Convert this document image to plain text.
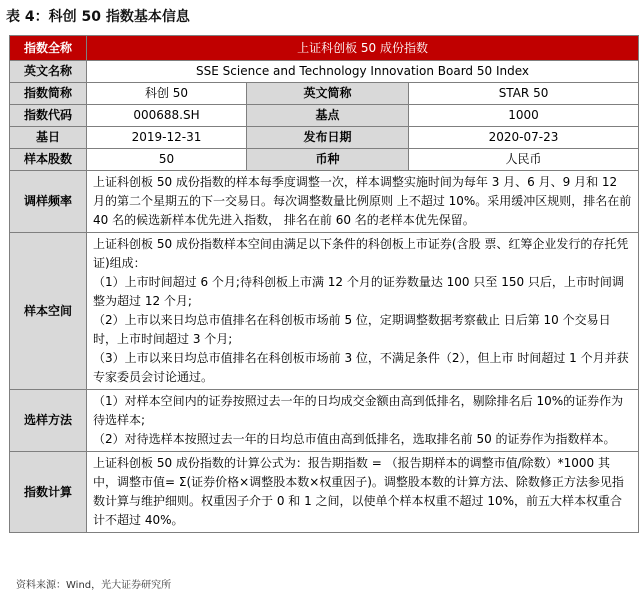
表 4：科创 50 指数基本信息
指数全称	上证科创板 50 成份指数		
英文名称	SSE Science and Technology Innovation Board 50 Index		
指数简称	科创 50	英文简称	STAR 50
指数代码	000688.SH	基点	1000
基日	2019-12-31	发布日期	2020-07-23
样本股数	50	币种	人民币
调样频率	上证科创板 50 成份指数的样本每季度调整一次，样本调整实施时间为每年 3 月、6 月、9 月和 12 月的第二个星期五的下一交易日。每次调整数量比例原则 上不超过 10%。采用缓冲区规则，排名在前 40 名的候选新样本优先进入指数， 排名在前 60 名的老样本优先保留。		
样本空间	上证科创板 50 成份指数样本空间由满足以下条件的科创板上市证券(含股 票、红筹企业发行的存托凭证)组成：

（1）上市时间超过 6 个月;待科创板上市满 12 个月的证券数量达 100 只至 150 只后，上市时间调整为超过 12 个月;

（2）上市以来日均总市值排名在科创板市场前 5 位，定期调整数据考察截止 日后第 10 个交易日时，上市时间超过 3 个月;

（3）上市以来日均总市值排名在科创板市场前 3 位，不满足条件（2），但上市 时间超过 1 个月并获专家委员会讨论通过。		

选样方法	（1）对样本空间内的证券按照过去一年的日均成交金额由高到低排名，剔除排名后 10%的证券作为待选样本;

（2）对待选样本按照过去一年的日均总市值由高到低排名，选取排名前 50 的证券作为指数样本。		

指数计算	上证科创板 50 成份指数的计算公式为：报告期指数 = （报告期样本的调整市值/除数）*1000 其中，调整市值= Σ(证券价格×调整股本数×权重因子)。调整股本数的计算方法、除数修正方法参见指数计算与维护细则。权重因子介于 0 和 1 之间，以使单个样本权重不超过 10%，前五大样本权重合计不超过 40%。		
资料来源：Wind，光大证券研究所
